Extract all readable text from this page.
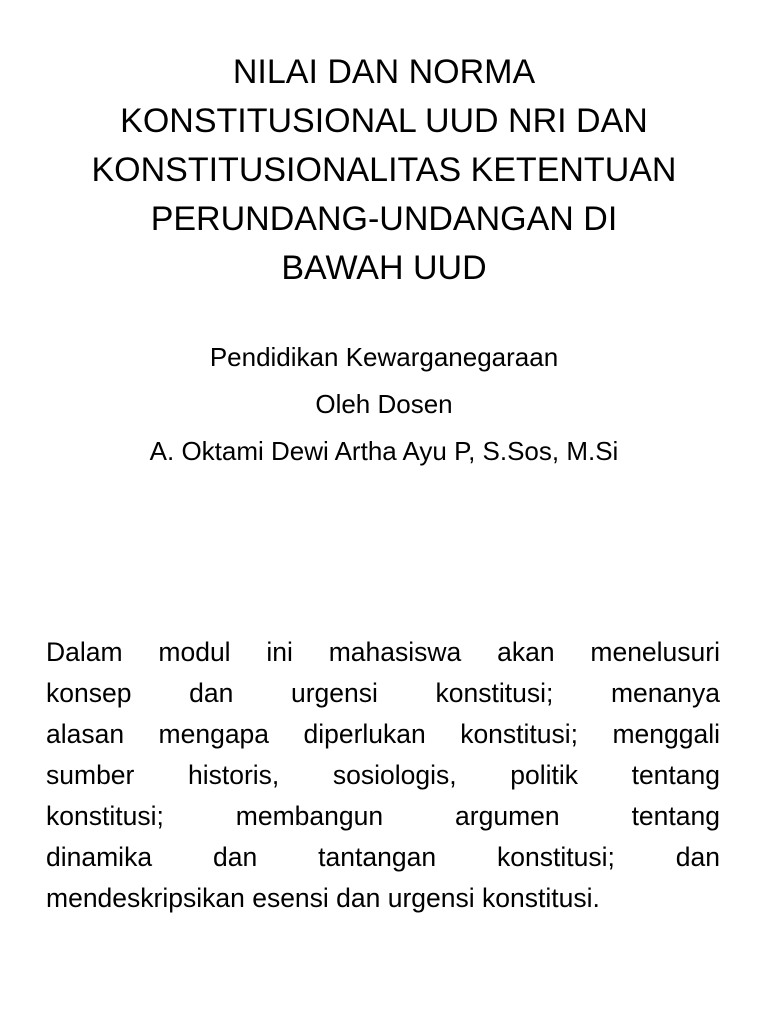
NILAI DAN NORMA
KONSTITUSIONAL UUD NRI DAN
KONSTITUSIONALITAS KETENTUAN
PERUNDANG-UNDANGAN DI
BAWAH UUD
Pendidikan Kewarganegaraan
Oleh Dosen
A. Oktami Dewi Artha Ayu P, S.Sos, M.Si
Dalam modul ini mahasiswa akan menelusuri
konsep dan urgensi konstitusi; menanya
alasan mengapa diperlukan konstitusi; menggali
sumber historis, sosiologis, politik tentang
konstitusi; membangun argumen tentang
dinamika dan tantangan konstitusi; dan
mendeskripsikan esensi dan urgensi konstitusi.
